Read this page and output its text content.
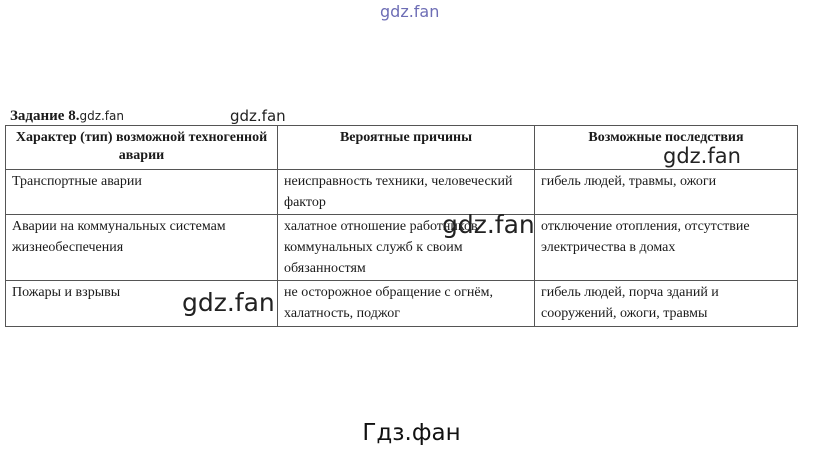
gdz.fan
Задание 8.gdz.fan	gdz.fan
Характер (тип) возможной техногенной аварии	Вероятные причины	Возможные последствия
Транспортные аварии	неисправность техники, человеческий фактор	гибель людей, травмы, ожоги
Аварии на коммунальных системам жизнеобеспечения	халатное отношение работников коммунальных служб к своим обязанностям	отключение отопления, отсутствие электричества в домах
Пожары и взрывы	не осторожное обращение с огнём, халатность, поджог	гибель людей, порча зданий и сооружений, ожоги, травмы
gdz.fan
gdz.fan
gdz.fan
Гдз.фан
